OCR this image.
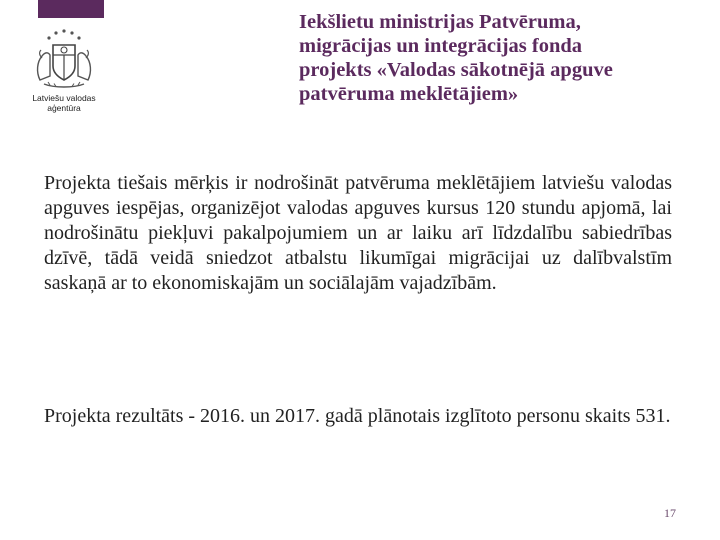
Latviešu valodas
aģentūra
Iekšlietu ministrijas Patvēruma,
migrācijas un integrācijas fonda
projekts «Valodas sākotnējā apguve
patvēruma meklētājiem»

Projekta tiešais mērķis ir nodrošināt patvēruma meklētājiem latviešu valodas apguves iespējas, organizējot valodas apguves kursus 120 stundu apjomā, lai nodrošinātu piekļuvi pakalpojumiem un ar laiku arī līdzdalību sabiedrības dzīvē, tādā veidā sniedzot atbalstu likumīgai migrācijai uz dalībvalstīm saskaņā ar to ekonomiskajām un sociālajām vajadzībām.

Projekta rezultāts - 2016. un 2017. gadā plānotais izglītoto personu skaits 531.

17
